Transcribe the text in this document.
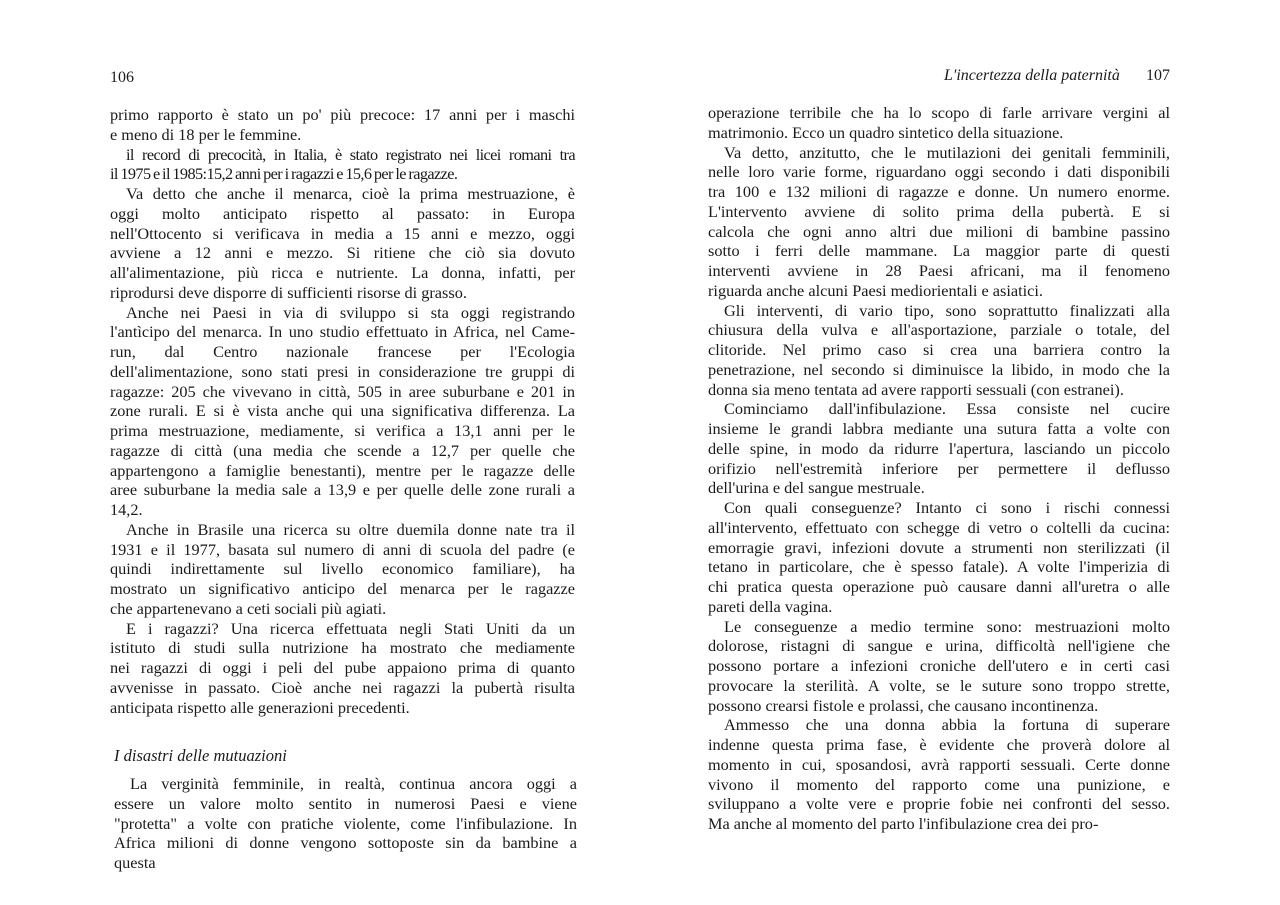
106
primo rapporto è stato un po' più precoce: 17 anni per i maschi
e meno di 18 per le femmine.
il record di precocità, in Italia, è stato registrato nei licei romani tra
il 1975 e il 1985:15,2 anni per i ragazzi e 15,6 per le ragazze.
Va detto che anche il menarca, cioè la prima mestruazione, è
oggi molto anticipato rispetto al passato: in Europa
nell'Ottocento si verificava in media a 15 anni e mezzo, oggi
avviene a 12 anni e mezzo. Si ritiene che ciò sia dovuto
all'alimentazione, più ricca e nutriente. La donna, infatti, per
riprodursi deve disporre di sufficienti risorse di grasso.
Anche nei Paesi in via di sviluppo si sta oggi registrando
l'antìcipo del menarca. In uno studio effettuato in Africa, nel Came-
run, dal Centro nazionale francese per l'Ecologia
dell'alimentazione, sono stati presi in considerazione tre gruppi di
ragazze: 205 che vivevano in città, 505 in aree suburbane e 201 in
zone rurali. E si è vista anche qui una significativa differenza. La
prima mestruazione, mediamente, si verifica a 13,1 anni per le
ragazze di città (una media che scende a 12,7 per quelle che
appartengono a famiglie benestanti), mentre per le ragazze delle
aree suburbane la media sale a 13,9 e per quelle delle zone rurali a
14,2.
Anche in Brasile una ricerca su oltre duemila donne nate tra il
1931 e il 1977, basata sul numero di anni di scuola del padre (e
quindi indirettamente sul livello economico familiare), ha
mostrato un significativo anticipo del menarca per le ragazze
che appartenevano a ceti sociali più agiati.
E i ragazzi? Una ricerca effettuata negli Stati Uniti da un
istituto di studi sulla nutrizione ha mostrato che mediamente
nei ragazzi di oggi i peli del pube appaiono prima di quanto
avvenisse in passato. Cioè anche nei ragazzi la pubertà risulta
anticipata rispetto alle generazioni precedenti.
I disastri delle mutuazioni
La verginità femminile, in realtà, continua ancora oggi a
essere un valore molto sentito in numerosi Paesi e viene
"protetta" a volte con pratiche violente, come l'infibulazione. In
Africa milioni di donne vengono sottoposte sin da bambine a
questa
L'incertezza della paternità 107
operazione terribile che ha lo scopo di farle arrivare vergini al
matrimonio. Ecco un quadro sintetico della situazione.
Va detto, anzitutto, che le mutilazioni dei genitali femminili,
nelle loro varie forme, riguardano oggi secondo i dati disponibili
tra 100 e 132 milioni di ragazze e donne. Un numero enorme.
L'intervento avviene di solito prima della pubertà. E si
calcola che ogni anno altri due milioni di bambine passino
sotto i ferri delle mammane. La maggior parte di questi
interventi avviene in 28 Paesi africani, ma il fenomeno
riguarda anche alcuni Paesi mediorientali e asiatici.
Gli interventi, di vario tipo, sono soprattutto finalizzati alla
chiusura della vulva e all'asportazione, parziale o totale, del
clitoride. Nel primo caso si crea una barriera contro la
penetrazione, nel secondo si diminuisce la libido, in modo che la
donna sia meno tentata ad avere rapporti sessuali (con estranei).
Cominciamo dall'infibulazione. Essa consiste nel cucire
insieme le grandi labbra mediante una sutura fatta a volte con
delle spine, in modo da ridurre l'apertura, lasciando un piccolo
orifizio nell'estremità inferiore per permettere il deflusso
dell'urina e del sangue mestruale.
Con quali conseguenze? Intanto ci sono i rischi connessi
all'intervento, effettuato con schegge di vetro o coltelli da cucina:
emorragie gravi, infezioni dovute a strumenti non sterilizzati (il
tetano in particolare, che è spesso fatale). A volte l'imperizia di
chi pratica questa operazione può causare danni all'uretra o alle
pareti della vagina.
Le conseguenze a medio termine sono: mestruazioni molto
dolorose, ristagni di sangue e urina, difficoltà nell'igiene che
possono portare a infezioni croniche dell'utero e in certi casi
provocare la sterilità. A volte, se le suture sono troppo strette,
possono crearsi fistole e prolassi, che causano incontinenza.
Ammesso che una donna abbia la fortuna di superare
indenne questa prima fase, è evidente che proverà dolore al
momento in cui, sposandosi, avrà rapporti sessuali. Certe donne
vivono il momento del rapporto come una punizione, e
sviluppano a volte vere e proprie fobie nei confronti del sesso.
Ma anche al momento del parto l'infibulazione crea dei pro-
